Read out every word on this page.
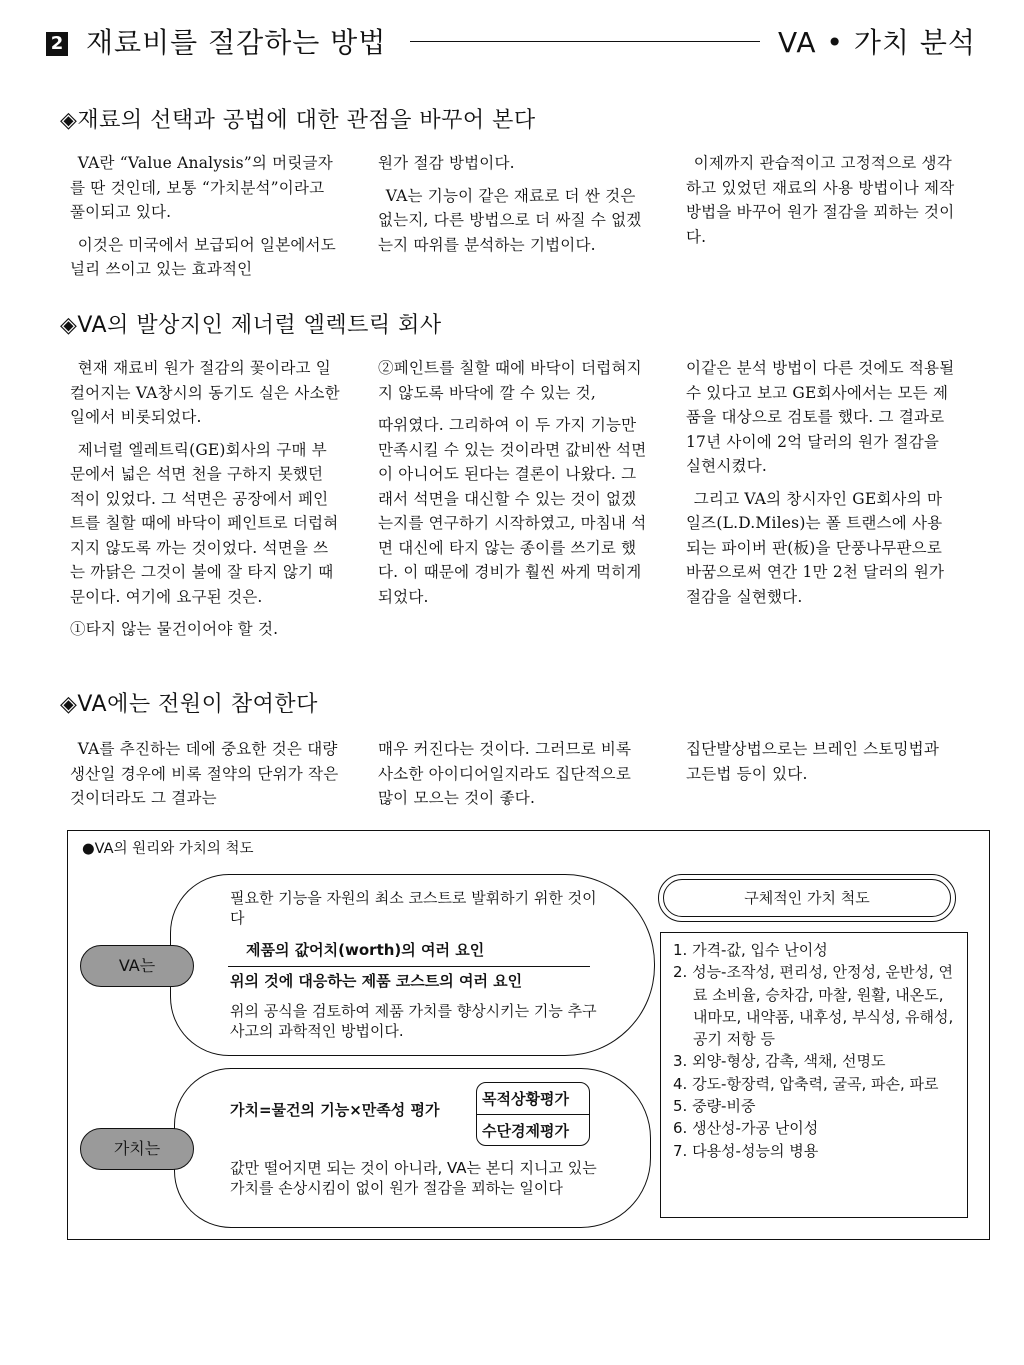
2 재료비를 절감하는 방법	VA • 가치 분석
◈재료의 선택과 공법에 대한 관점을 바꾸어 본다

VA란 “Value Analysis”의 머릿글자를 딴 것인데, 보통 “가치분석”이라고 풀이되고 있다.

이것은 미국에서 보급되어 일본에서도 널리 쓰이고 있는 효과적인

원가 절감 방법이다.

VA는 기능이 같은 재료로 더 싼 것은 없는지, 다른 방법으로 더 싸질 수 없겠는지 따위를 분석하는 기법이다.

이제까지 관습적이고 고정적으로 생각하고 있었던 재료의 사용 방법이나 제작 방법을 바꾸어 원가 절감을 꾀하는 것이다.

◈VA의 발상지인 제너럴 엘렉트릭 회사

현재 재료비 원가 절감의 꽃이라고 일컬어지는 VA창시의 동기도 실은 사소한 일에서 비롯되었다.

제너럴 엘레트릭(GE)회사의 구매 부문에서 넓은 석면 천을 구하지 못했던 적이 있었다. 그 석면은 공장에서 페인트를 칠할 때에 바닥이 페인트로 더럽혀지지 않도록 까는 것이었다. 석면을 쓰는 까닭은 그것이 불에 잘 타지 않기 때문이다. 여기에 요구된 것은.

①타지 않는 물건이어야 할 것.

②페인트를 칠할 때에 바닥이 더럽혀지지 않도록 바닥에 깔 수 있는 것,

따위였다. 그리하여 이 두 가지 기능만 만족시킬 수 있는 것이라면 값비싼 석면이 아니어도 된다는 결론이 나왔다. 그래서 석면을 대신할 수 있는 것이 없겠는지를 연구하기 시작하였고, 마침내 석면 대신에 타지 않는 종이를 쓰기로 했다. 이 때문에 경비가 훨씬 싸게 먹히게 되었다.

이같은 분석 방법이 다른 것에도 적용될 수 있다고 보고 GE회사에서는 모든 제품을 대상으로 검토를 했다. 그 결과로 17년 사이에 2억 달러의 원가 절감을 실현시켰다.

그리고 VA의 창시자인 GE회사의 마일즈(L.D.Miles)는 폴 트랜스에 사용되는 파이버 판(板)을 단풍나무판으로 바꿈으로써 연간 1만 2천 달러의 원가 절감을 실현했다.

◈VA에는 전원이 참여한다

VA를 추진하는 데에 중요한 것은 대량 생산일 경우에 비록 절약의 단위가 작은 것이더라도 그 결과는

매우 커진다는 것이다. 그러므로 비록 사소한 아이디어일지라도 집단적으로 많이 모으는 것이 좋다.

집단발상법으로는 브레인 스토밍법과 고든법 등이 있다.

●VA의 원리와 가치의 척도
VA는
필요한 기능을 자원의 최소 코스트로 발휘하기 위한 것이다
제품의 값어치(worth)의 여러 요인
위의 것에 대응하는 제품 코스트의 여러 요인
위의 공식을 검토하여 제품 가치를 향상시키는 기능 추구 사고의 과학적인 방법이다.
가치는
가치=물건의 기능×만족성 평가
목적상황평가
수단경제평가
값만 떨어지면 되는 것이 아니라, VA는 본디 지니고 있는 가치를 손상시킴이 없이 원가 절감을 꾀하는 일이다
구체적인 가치 척도
1. 가격-값, 입수 난이성
2. 성능-조작성, 편리성, 안정성, 운반성, 연료 소비율, 승차감, 마찰, 원활, 내온도,내마모, 내약품, 내후성, 부식성, 유해성, 공기 저항 등
3. 외양-형상, 감촉, 색채, 선명도
4. 강도-항장력, 압축력, 굴곡, 파손, 파로
5. 중량-비중
6. 생산성-가공 난이성
7. 다용성-성능의 병용
